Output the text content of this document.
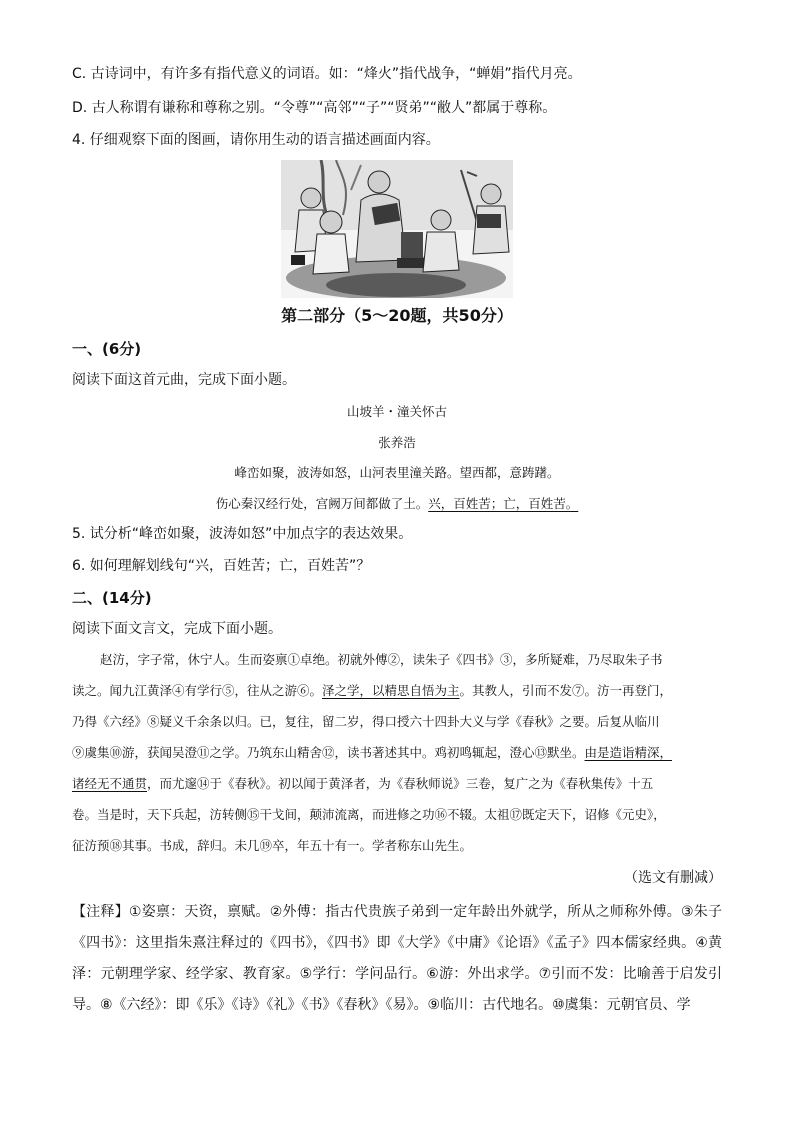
C. 古诗词中，有许多有指代意义的词语。如：“烽火”指代战争，“蝉娟”指代月亮。
D. 古人称谓有谦称和尊称之别。“令尊”“高邻”“子”“贤弟”“敝人”都属于尊称。
4. 仔细观察下面的图画，请你用生动的语言描述画面内容。
第二部分（5～20题，共50分）
一、(6分)
阅读下面这首元曲，完成下面小题。
山坡羊・潼关怀古
张养浩
峰峦如聚，波涛如怒，山河表里潼关路。望西都，意踌躇。
伤心秦汉经行处，宫阙万间都做了土。兴，百姓苦；亡，百姓苦。
5. 试分析“峰峦如聚，波涛如怒”中加点字的表达效果。
6. 如何理解划线句“兴，百姓苦；亡，百姓苦”？
二、(14分)
阅读下面文言文，完成下面小题。
赵汸，字子常，休宁人。生而姿禀①卓绝。初就外傅②，读朱子《四书》③，多所疑难，乃尽取朱子书
读之。闻九江黄泽④有学行⑤，往从之游⑥。泽之学，以精思自悟为主。其教人，引而不发⑦。汸一再登门，
乃得《六经》⑧疑义千余条以归。已，复往，留二岁，得口授六十四卦大义与学《春秋》之要。后复从临川
⑨虞集⑩游，获闻吴澄⑪之学。乃筑东山精舍⑫，读书著述其中。鸡初鸣辄起，澄心⑬默坐。由是造诣精深，
诸经无不通贯，而尤邃⑭于《春秋》。初以闻于黄泽者，为《春秋师说》三卷，复广之为《春秋集传》十五
卷。当是时，天下兵起，汸转侧⑮干戈间，颠沛流离，而进修之功⑯不辍。太祖⑰既定天下，诏修《元史》，
征汸预⑱其事。书成，辞归。未几⑲卒，年五十有一。学者称东山先生。
（选文有删减）
【注释】①姿禀：天资，禀赋。②外傅：指古代贵族子弟到一定年龄出外就学，所从之师称外傅。③朱子《四书》：这里指朱熹注释过的《四书》，《四书》即《大学》《中庸》《论语》《孟子》四本儒家经典。④黄泽：元朝理学家、经学家、教育家。⑤学行：学问品行。⑥游：外出求学。⑦引而不发：比喻善于启发引导。⑧《六经》：即《乐》《诗》《礼》《书》《春秋》《易》。⑨临川：古代地名。⑩虞集：元朝官员、学
